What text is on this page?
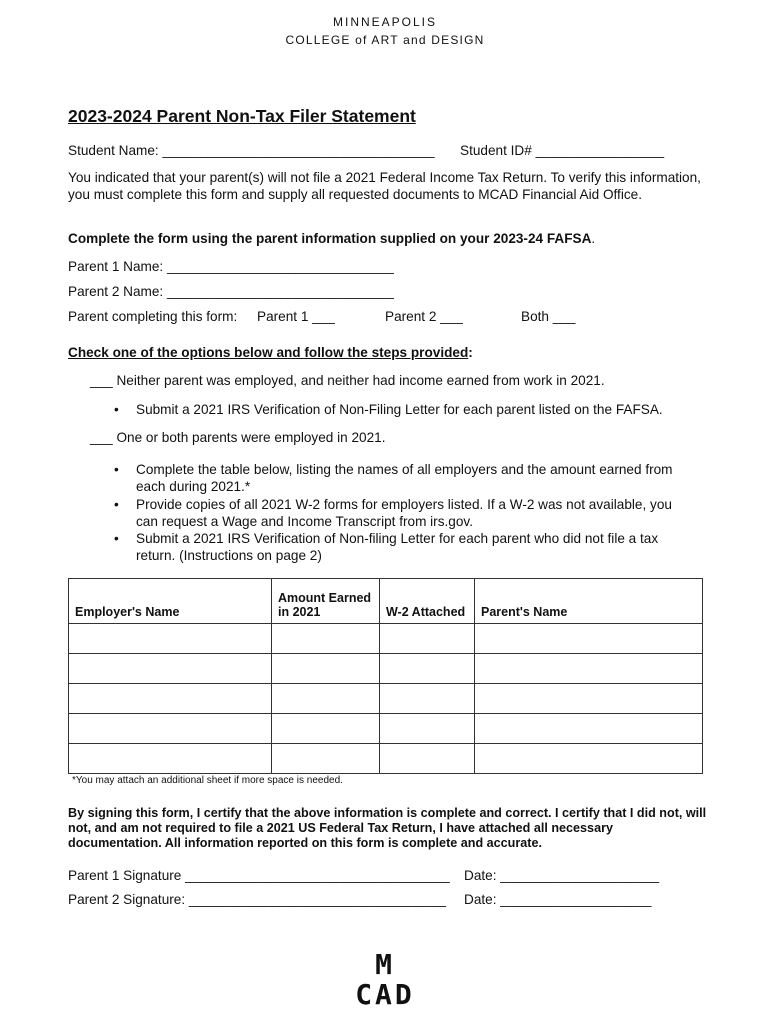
MINNEAPOLIS
COLLEGE of ART and DESIGN
2023-2024 Parent Non-Tax Filer Statement
Student Name: ____________________________________ Student ID# _________________
You indicated that your parent(s) will not file a 2021 Federal Income Tax Return. To verify this information, you must complete this form and supply all requested documents to MCAD Financial Aid Office.
Complete the form using the parent information supplied on your 2023-24 FAFSA.
Parent 1 Name: ______________________________
Parent 2 Name: ______________________________
Parent completing this form: Parent 1 ___	Parent 2 ___	Both ___
Check one of the options below and follow the steps provided:
___ Neither parent was employed, and neither had income earned from work in 2021.
• Submit a 2021 IRS Verification of Non-Filing Letter for each parent listed on the FAFSA.
___ One or both parents were employed in 2021.
• Complete the table below, listing the names of all employers and the amount earned from each during 2021.*
• Provide copies of all 2021 W-2 forms for employers listed. If a W-2 was not available, you can request a Wage and Income Transcript from irs.gov.
• Submit a 2021 IRS Verification of Non-filing Letter for each parent who did not file a tax return. (Instructions on page 2)
Employer's Name	Amount Earned in 2021	W-2 Attached	Parent's Name

*You may attach an additional sheet if more space is needed.
By signing this form, I certify that the above information is complete and correct. I certify that I did not, will not, and am not required to file a 2021 US Federal Tax Return, I have attached all necessary documentation. All information reported on this form is complete and accurate.
Parent 1 Signature ___________________________________ Date: _____________________
Parent 2 Signature: __________________________________ Date: ____________________
M
CAD
